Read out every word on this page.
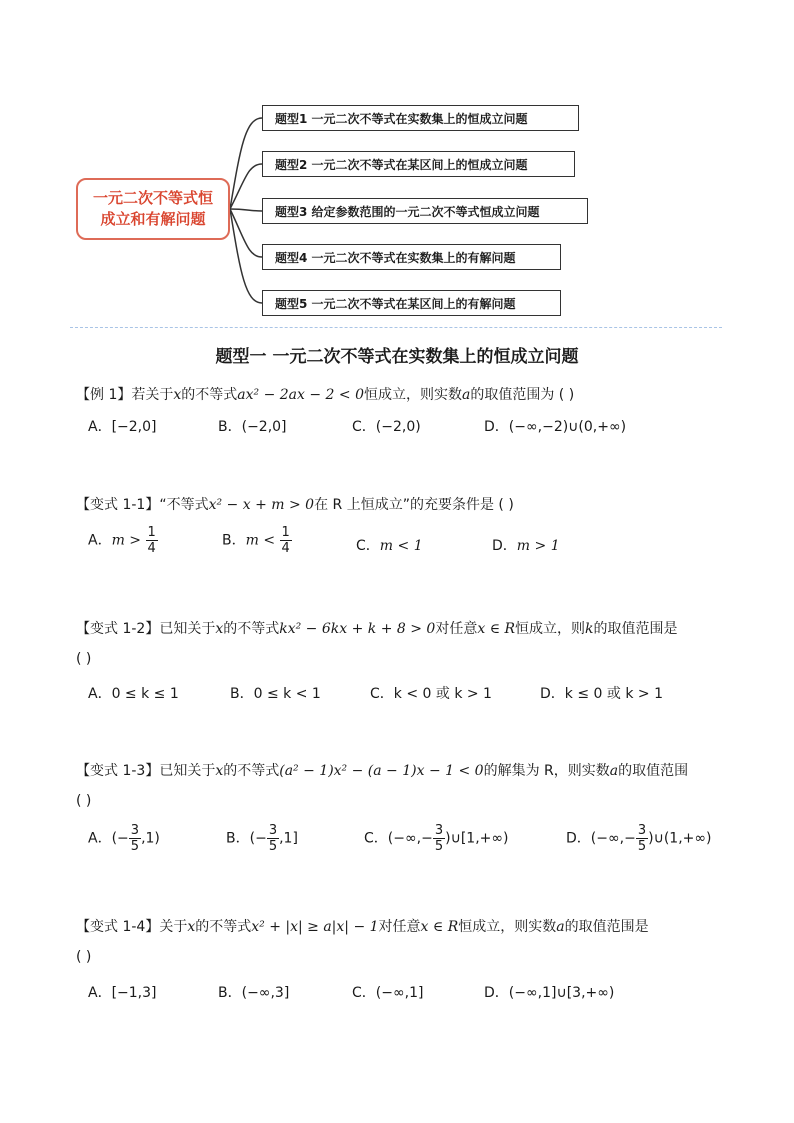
一元二次不等式恒
成立和有解问题
题型1 一元二次不等式在实数集上的恒成立问题
题型2 一元二次不等式在某区间上的恒成立问题
题型3 给定参数范围的一元二次不等式恒成立问题
题型4 一元二次不等式在实数集上的有解问题
题型5 一元二次不等式在某区间上的有解问题
题型一 一元二次不等式在实数集上的恒成立问题
【例 1】若关于x的不等式ax² − 2ax − 2 < 0恒成立，则实数a的取值范围为 ( )
A．[−2,0]	B．(−2,0]	C．(−2,0)	D．(−∞,−2)∪(0,+∞)
【变式 1-1】“不等式x² − x + m > 0在 R 上恒成立”的充要条件是 ( )
A．$m > \frac{1}{4}$	B．$m < \frac{1}{4}$	C．m < 1	D．m > 1
【变式 1-2】已知关于x的不等式kx² − 6kx + k + 8 > 0对任意x ∈ R恒成立，则k的取值范围是
( )
A．0 ≤ k ≤ 1	B．0 ≤ k < 1	C．k < 0 或 k > 1	D．k ≤ 0 或 k > 1
【变式 1-3】已知关于x的不等式(a² − 1)x² − (a − 1)x − 1 < 0的解集为 R，则实数a的取值范围
( )
A．(− $\frac{3}{5} ,1$)	B．(− $\frac{3}{5} ,1$]	C．(−∞,− $\frac{3}{5}$ )∪[1,+∞)	D．(−∞,− $\frac{3}{5}$ )∪(1,+∞)
【变式 1-4】关于x的不等式x² + |x| ≥ a|x| − 1对任意x ∈ R恒成立，则实数a的取值范围是
( )
A．[−1,3]	B．(−∞,3]	C．(−∞,1]	D．(−∞,1]∪[3,+∞)
